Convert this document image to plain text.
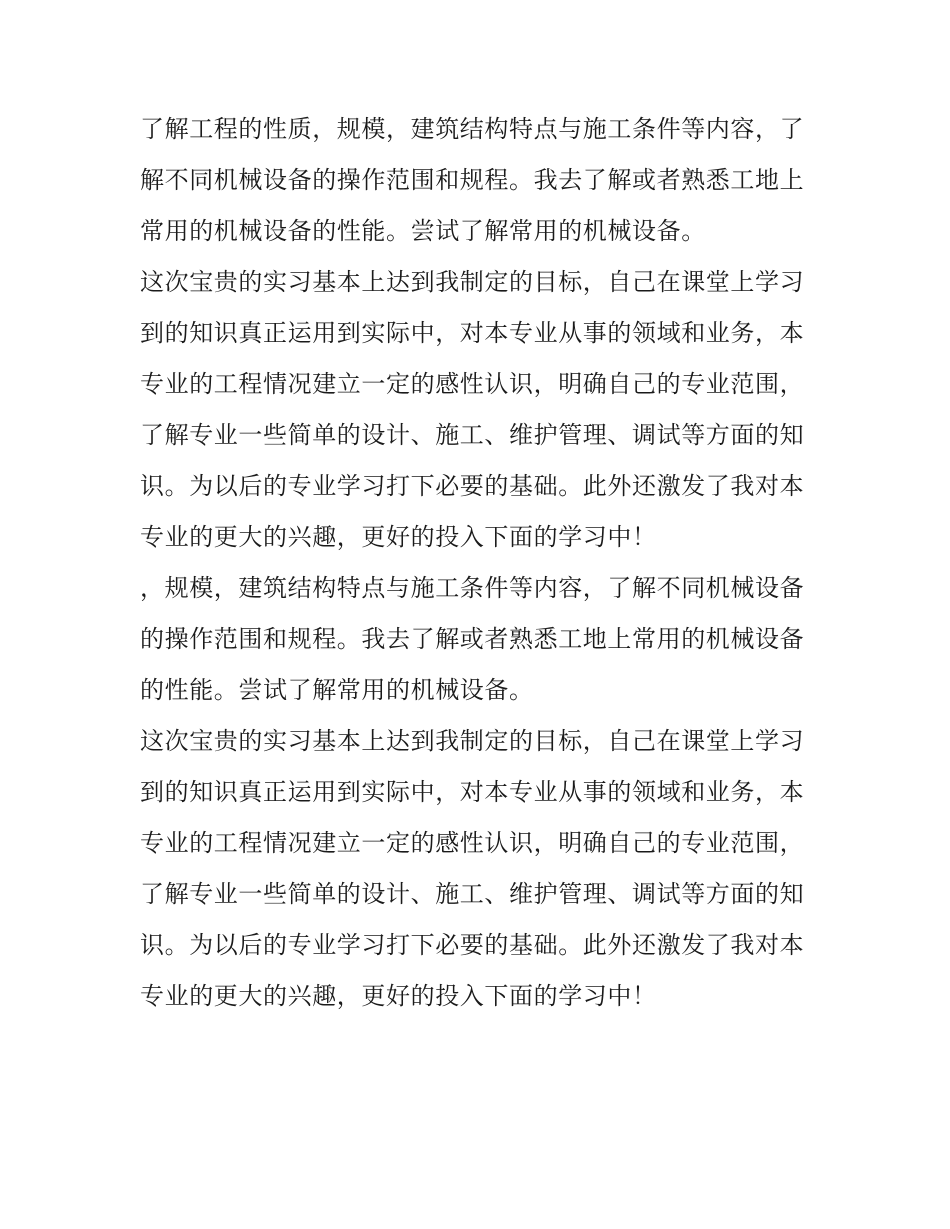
了解工程的性质，规模，建筑结构特点与施工条件等内容，了
解不同机械设备的操作范围和规程。我去了解或者熟悉工地上
常用的机械设备的性能。尝试了解常用的机械设备。
这次宝贵的实习基本上达到我制定的目标，自己在课堂上学习
到的知识真正运用到实际中，对本专业从事的领域和业务，本
专业的工程情况建立一定的感性认识，明确自己的专业范围，
了解专业一些简单的设计、施工、维护管理、调试等方面的知
识。为以后的专业学习打下必要的基础。此外还激发了我对本
专业的更大的兴趣，更好的投入下面的学习中！
，规模，建筑结构特点与施工条件等内容，了解不同机械设备
的操作范围和规程。我去了解或者熟悉工地上常用的机械设备
的性能。尝试了解常用的机械设备。
这次宝贵的实习基本上达到我制定的目标，自己在课堂上学习
到的知识真正运用到实际中，对本专业从事的领域和业务，本
专业的工程情况建立一定的感性认识，明确自己的专业范围，
了解专业一些简单的设计、施工、维护管理、调试等方面的知
识。为以后的专业学习打下必要的基础。此外还激发了我对本
专业的更大的兴趣，更好的投入下面的学习中！
